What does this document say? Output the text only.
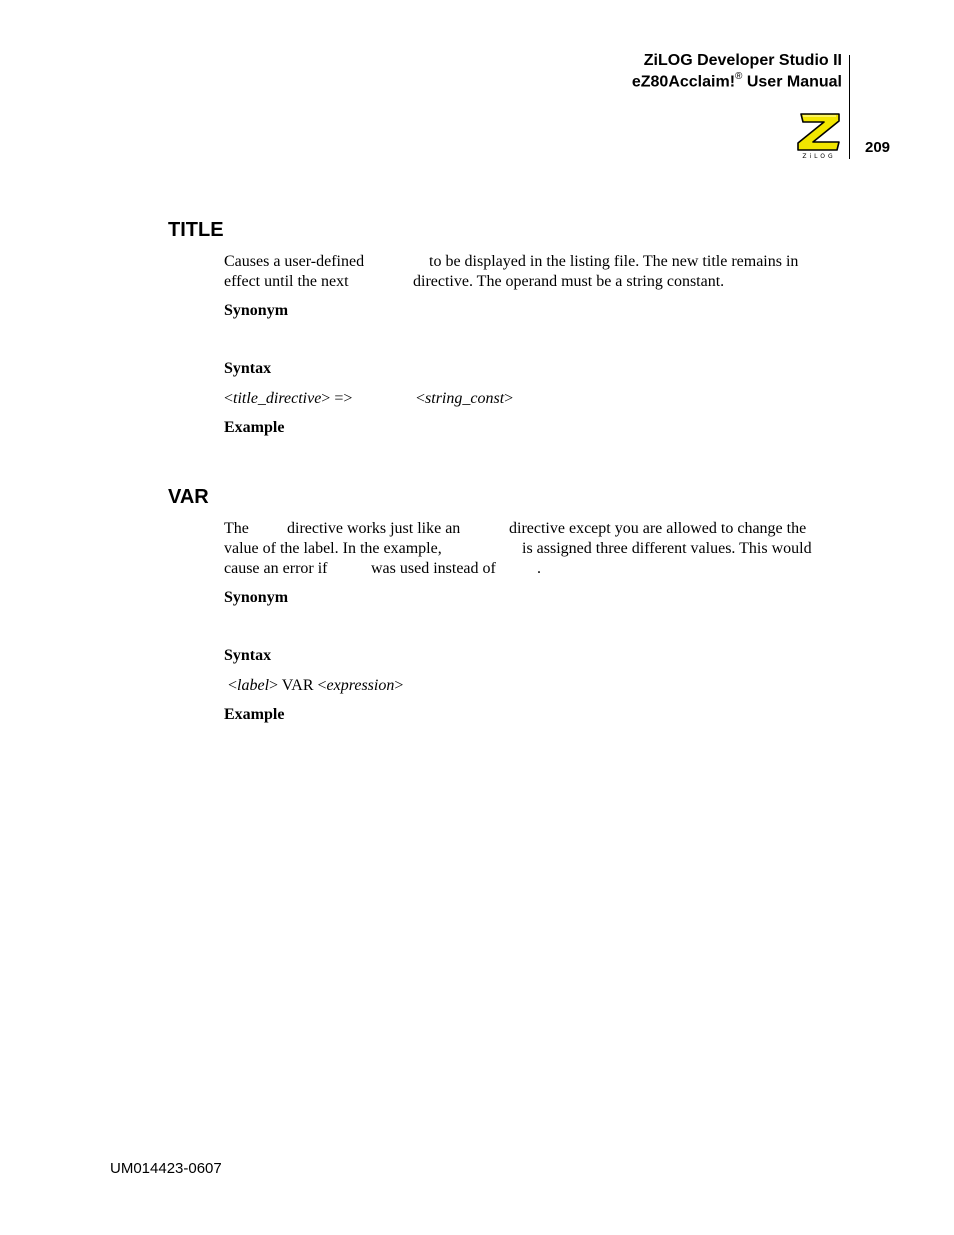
ZiLOG Developer Studio II
eZ80Acclaim!® User Manual
209
ZiLOG
TITLE
Causes a user-defined	to be displayed in the listing file. The new title remains in
effect until the next	directive. The operand must be a string constant.
Synonym
Syntax
<title_directive> =>	<string_const>
Example
VAR
The directive works just like an	directive except you are allowed to change the
value of the label. In the example,	is assigned three different values. This would
cause an error if	was used instead of	.
Synonym
Syntax
<label> VAR <expression>
Example
UM014423-0607
